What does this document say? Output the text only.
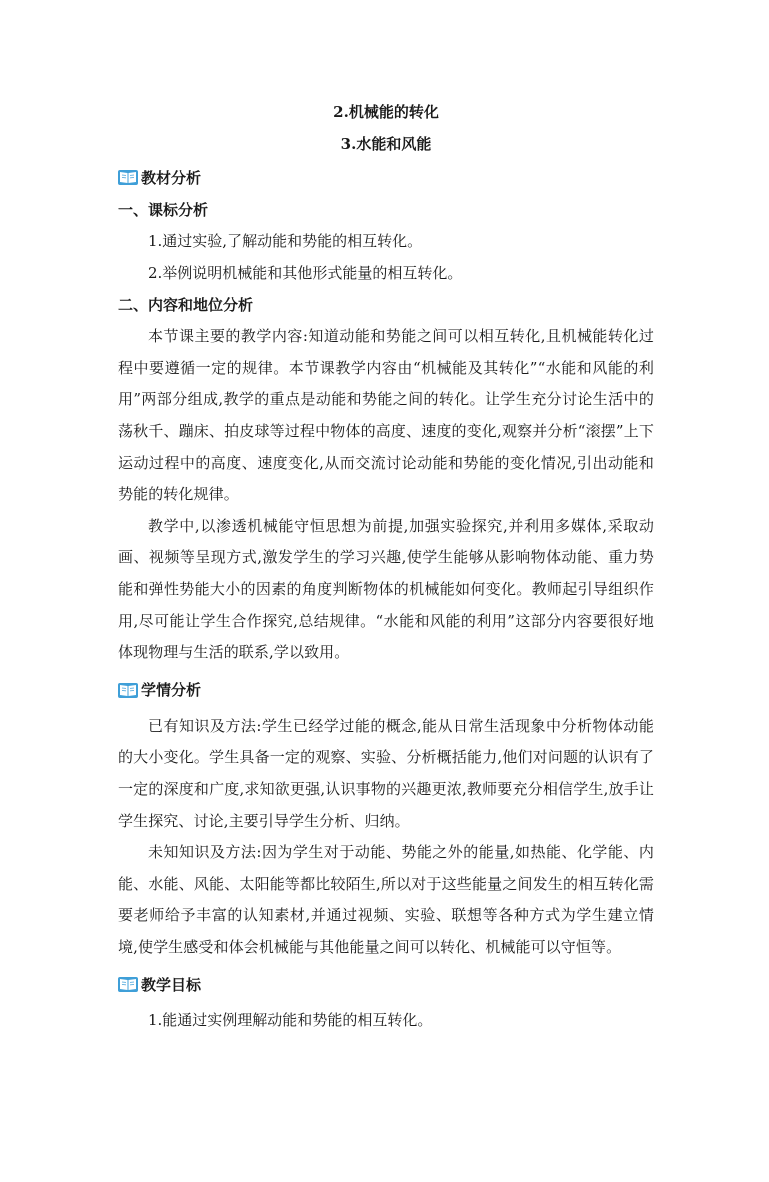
2.机械能的转化
3.水能和风能
教材分析
一、课标分析
1.通过实验,了解动能和势能的相互转化。
2.举例说明机械能和其他形式能量的相互转化。
二、内容和地位分析

本节课主要的教学内容:知道动能和势能之间可以相互转化,且机械能转化过程中要遵循一定的规律。本节课教学内容由“机械能及其转化”“水能和风能的利用”两部分组成,教学的重点是动能和势能之间的转化。让学生充分讨论生活中的荡秋千、蹦床、拍皮球等过程中物体的高度、速度的变化,观察并分析“滚摆”上下运动过程中的高度、速度变化,从而交流讨论动能和势能的变化情况,引出动能和势能的转化规律。

教学中,以渗透机械能守恒思想为前提,加强实验探究,并利用多媒体,采取动画、视频等呈现方式,激发学生的学习兴趣,使学生能够从影响物体动能、重力势能和弹性势能大小的因素的角度判断物体的机械能如何变化。教师起引导组织作用,尽可能让学生合作探究,总结规律。“水能和风能的利用”这部分内容要很好地体现物理与生活的联系,学以致用。

学情分析

已有知识及方法:学生已经学过能的概念,能从日常生活现象中分析物体动能的大小变化。学生具备一定的观察、实验、分析概括能力,他们对问题的认识有了一定的深度和广度,求知欲更强,认识事物的兴趣更浓,教师要充分相信学生,放手让学生探究、讨论,主要引导学生分析、归纳。

未知知识及方法:因为学生对于动能、势能之外的能量,如热能、化学能、内能、水能、风能、太阳能等都比较陌生,所以对于这些能量之间发生的相互转化需要老师给予丰富的认知素材,并通过视频、实验、联想等各种方式为学生建立情境,使学生感受和体会机械能与其他能量之间可以转化、机械能可以守恒等。

教学目标
1.能通过实例理解动能和势能的相互转化。
